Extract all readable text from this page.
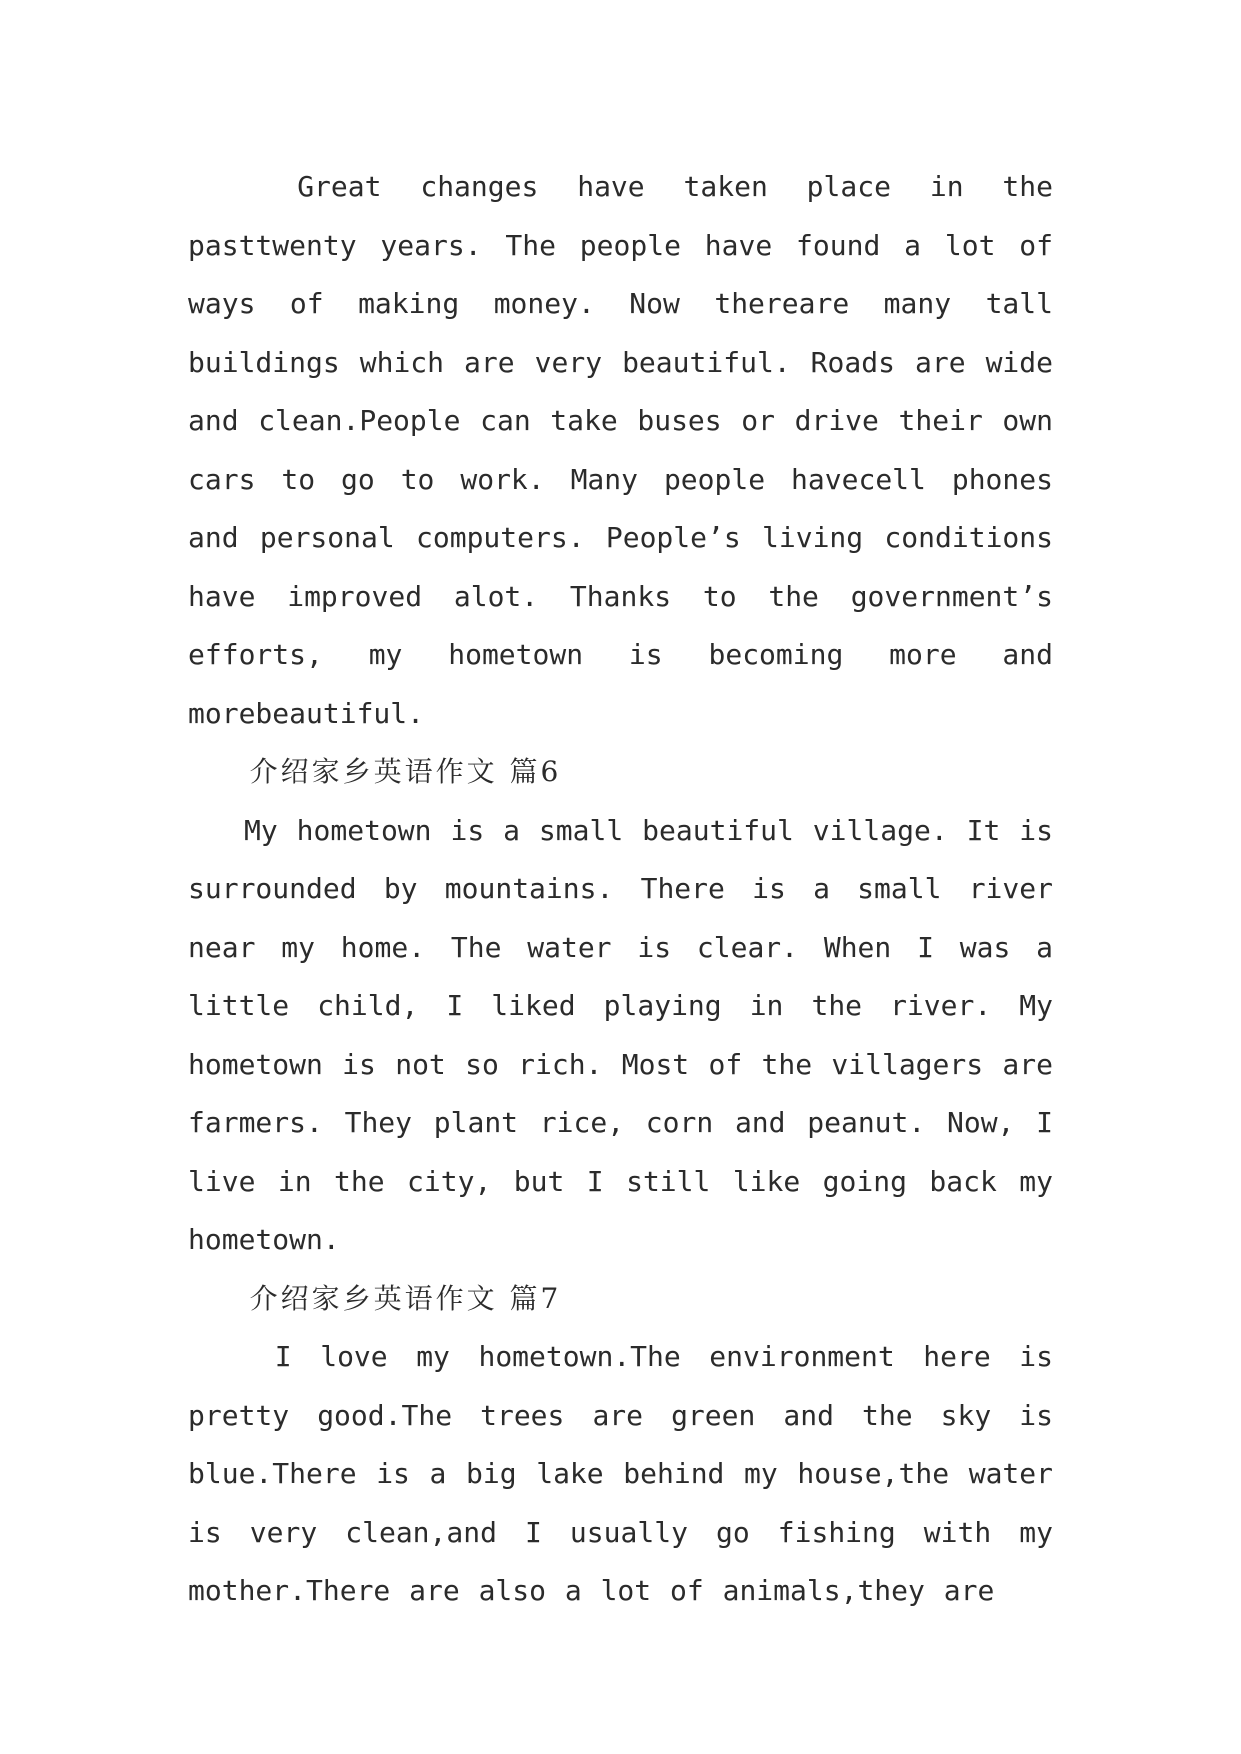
Great changes have taken place in the pasttwenty years. The people have found a lot of ways of making money. Now thereare many tall buildings which are very beautiful. Roads are wide and clean.People can take buses or drive their own cars to go to work. Many people havecell phones and personal computers. People’s living conditions have improved alot. Thanks to the government’s efforts, my hometown is becoming more and morebeautiful.

介绍家乡英语作文 篇6

My hometown is a small beautiful village. It is surrounded by mountains. There is a small river near my home. The water is clear. When I was a little child, I liked playing in the river. My hometown is not so rich. Most of the villagers are farmers. They plant rice, corn and peanut. Now, I live in the city, but I still like going back my hometown.

介绍家乡英语作文 篇7

I love my hometown.The environment here is pretty good.The trees are green and the sky is blue.There is a big lake behind my house,the water is very clean,and I usually go fishing with my mother.There are also a lot of animals,they are
